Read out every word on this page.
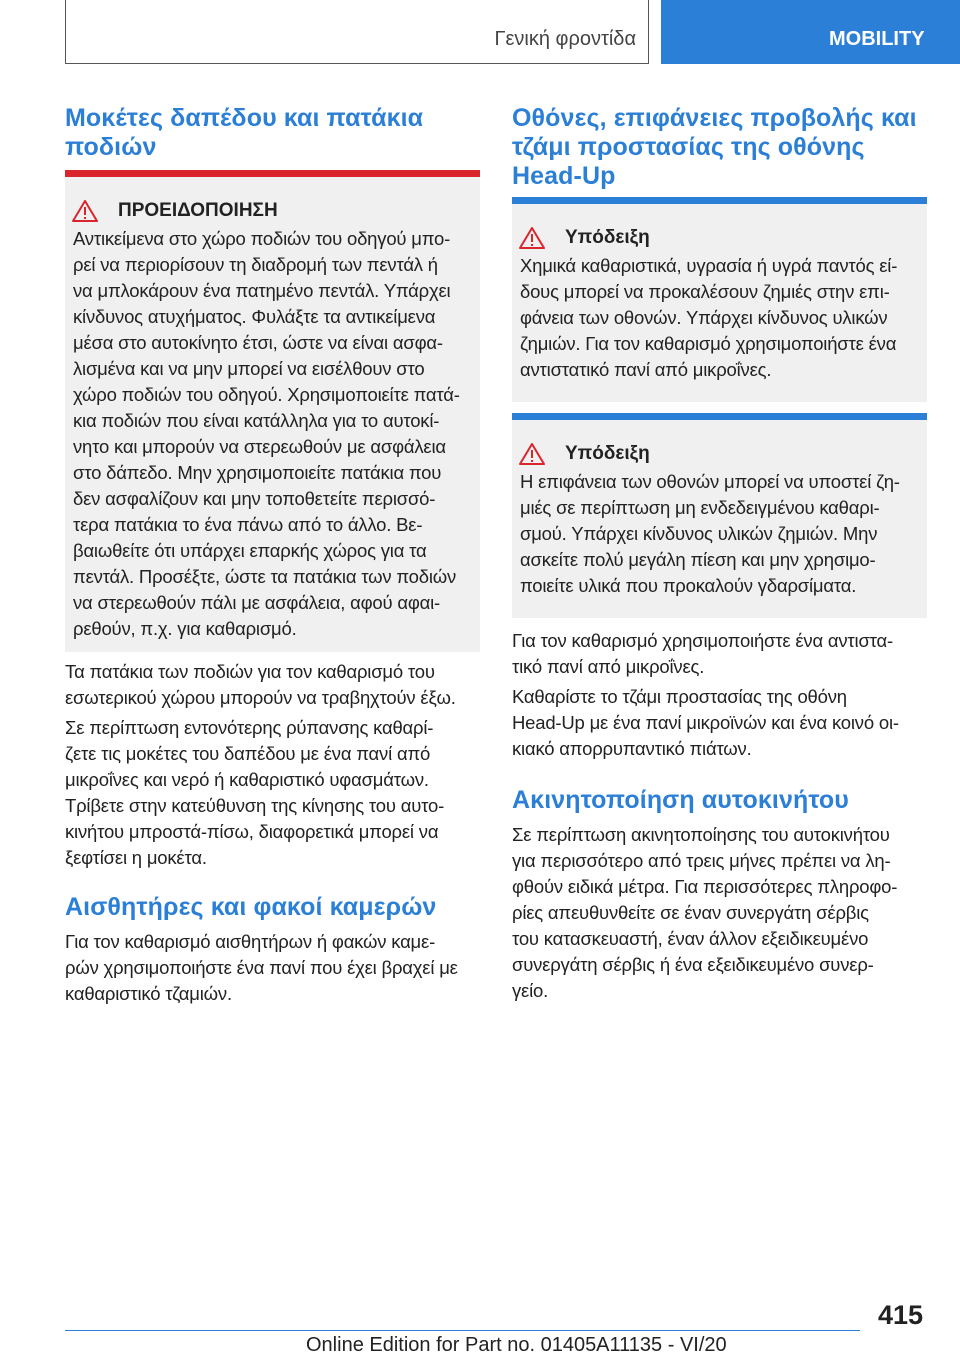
Γενική φροντίδα	MOBILITY
Μοκέτες δαπέδου και πατάκια ποδιών
ΠΡΟΕΙΔΟΠΟΙΗΣΗ

Αντικείμενα στο χώρο ποδιών του οδηγού μπο-
ρεί να περιορίσουν τη διαδρομή των πεντάλ ή
να μπλοκάρουν ένα πατημένο πεντάλ. Υπάρχει
κίνδυνος ατυχήματος. Φυλάξτε τα αντικείμενα
μέσα στο αυτοκίνητο έτσι, ώστε να είναι ασφα-
λισμένα και να μην μπορεί να εισέλθουν στο
χώρο ποδιών του οδηγού. Χρησιμοποιείτε πατά-
κια ποδιών που είναι κατάλληλα για το αυτοκί-
νητο και μπορούν να στερεωθούν με ασφάλεια
στο δάπεδο. Μην χρησιμοποιείτε πατάκια που
δεν ασφαλίζουν και μην τοποθετείτε περισσό-
τερα πατάκια το ένα πάνω από το άλλο. Βε-
βαιωθείτε ότι υπάρχει επαρκής χώρος για τα
πεντάλ. Προσέξτε, ώστε τα πατάκια των ποδιών
να στερεωθούν πάλι με ασφάλεια, αφού αφαι-
ρεθούν, π.χ. για καθαρισμό.

Τα πατάκια των ποδιών για τον καθαρισμό του
εσωτερικού χώρου μπορούν να τραβηχτούν έξω.

Σε περίπτωση εντονότερης ρύπανσης καθαρί-
ζετε τις μοκέτες του δαπέδου με ένα πανί από
μικροΐνες και νερό ή καθαριστικό υφασμάτων.
Τρίβετε στην κατεύθυνση της κίνησης του αυτο-
κινήτου μπροστά-πίσω, διαφορετικά μπορεί να
ξεφτίσει η μοκέτα.

Αισθητήρες και φακοί καμερών

Για τον καθαρισμό αισθητήρων ή φακών καμε-
ρών χρησιμοποιήστε ένα πανί που έχει βραχεί με
καθαριστικό τζαμιών.

Οθόνες, επιφάνειες προβολής και τζάμι προστασίας της οθόνης Head-Up
Υπόδειξη

Χημικά καθαριστικά, υγρασία ή υγρά παντός εί-
δους μπορεί να προκαλέσουν ζημιές στην επι-
φάνεια των οθονών. Υπάρχει κίνδυνος υλικών
ζημιών. Για τον καθαρισμό χρησιμοποιήστε ένα
αντιστατικό πανί από μικροΐνες.

Υπόδειξη

Η επιφάνεια των οθονών μπορεί να υποστεί ζη-
μιές σε περίπτωση μη ενδεδειγμένου καθαρι-
σμού. Υπάρχει κίνδυνος υλικών ζημιών. Μην
ασκείτε πολύ μεγάλη πίεση και μην χρησιμο-
ποιείτε υλικά που προκαλούν γδαρσίματα.

Για τον καθαρισμό χρησιμοποιήστε ένα αντιστα-
τικό πανί από μικροΐνες.

Καθαρίστε το τζάμι προστασίας της οθόνη
Head-Up με ένα πανί μικροϊνών και ένα κοινό οι-
κιακό απορρυπαντικό πιάτων.

Ακινητοποίηση αυτοκινήτου

Σε περίπτωση ακινητοποίησης του αυτοκινήτου
για περισσότερο από τρεις μήνες πρέπει να λη-
φθούν ειδικά μέτρα. Για περισσότερες πληροφο-
ρίες απευθυνθείτε σε έναν συνεργάτη σέρβις
του κατασκευαστή, έναν άλλον εξειδικευμένο
συνεργάτη σέρβις ή ένα εξειδικευμένο συνερ-
γείο.

415
Online Edition for Part no. 01405A11135 - VI/20
